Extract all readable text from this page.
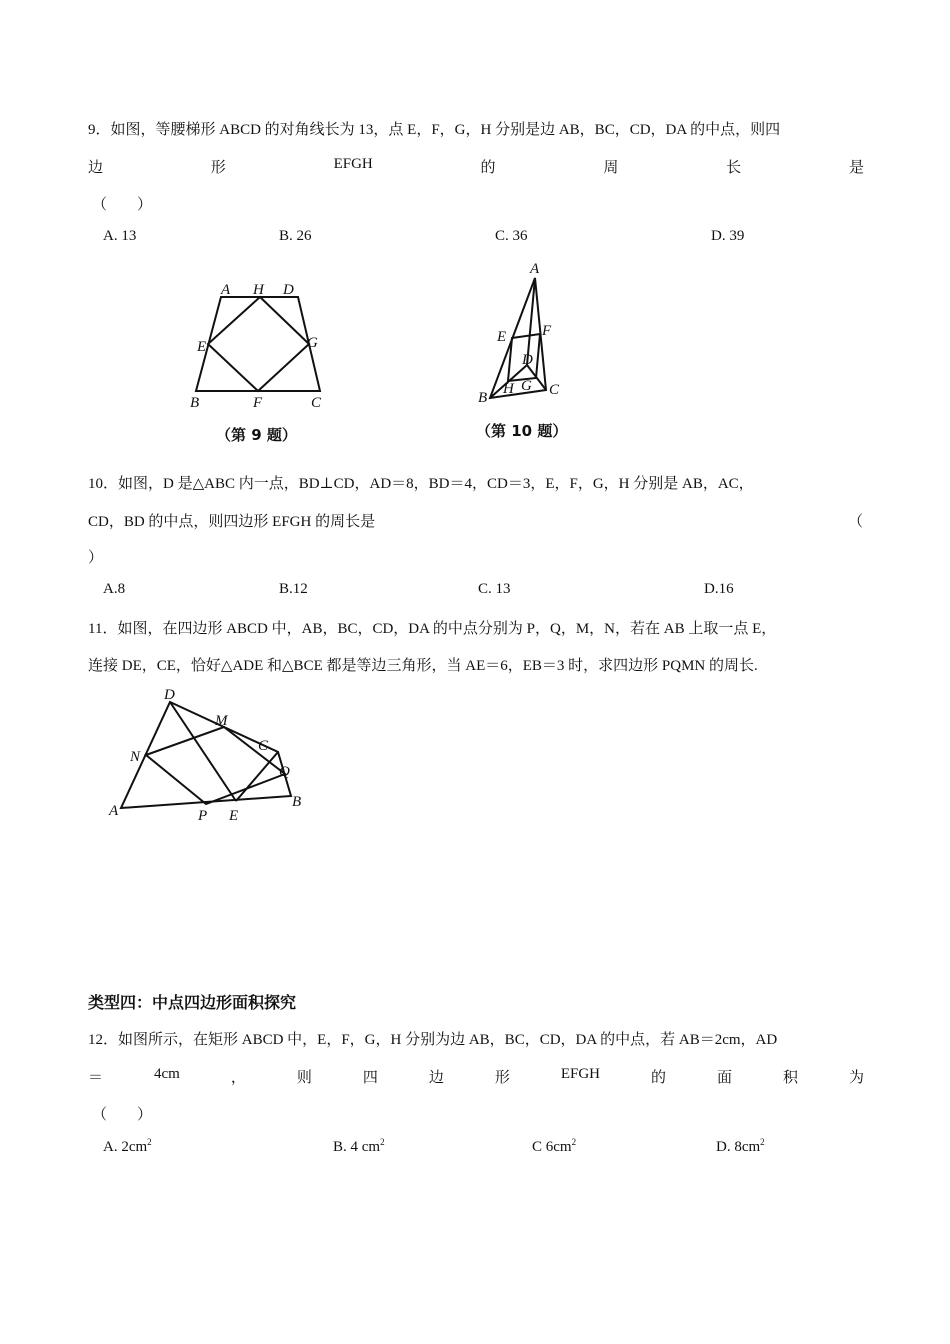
9．如图，等腰梯形 ABCD 的对角线长为 13，点 E，F，G，H 分别是边 AB，BC，CD，DA 的中点，则四
边	形	EFGH	的	周	长	是
（　　）
A. 13	B. 26	C. 36	D. 39
A H D
E	G
B	F	C
（第 9 题）
A
E F
D
H G
B	C
（第 10 题）
10．如图，D 是△ABC 内一点，BD⊥CD，AD＝8，BD＝4，CD＝3，E，F，G，H 分别是 AB，AC，
CD，BD 的中点，则四边形 EFGH 的周长是	（
）
A.8	B.12	C. 13	D.16
11．如图，在四边形 ABCD 中，AB，BC，CD，DA 的中点分别为 P，Q，M，N，若在 AB 上取一点 E，
连接 DE，CE，恰好△ADE 和△BCE 都是等边三角形，当 AE＝6，EB＝3 时，求四边形 PQMN 的周长.
D
M
C
N
Q
A	P E
B
类型四：中点四边形面积探究
12．如图所示，在矩形 ABCD 中，E，F，G，H 分别为边 AB，BC，CD，DA 的中点，若 AB＝2cm，AD
＝	4cm	，	则	四	边	形	EFGH	的	面	积	为
（　　）
A. $2cm^2$	B. 4 $cm^2$	C $6cm^2$	D. $8cm^2$
